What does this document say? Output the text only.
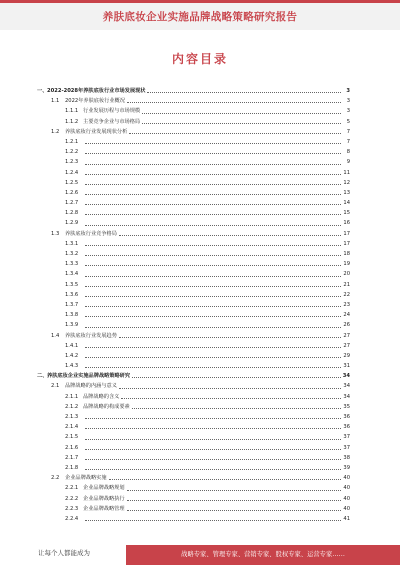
养肤底妆企业实施品牌战略策略研究报告
内容目录
一、 2022-2028年养肤底妆行业市场发展现状	3
1.1 2022年养肤底妆行业概况	3
1.1.1 行业发展历程与市场规模	3
1.1.2 主要竞争企业与市场格局	5
1.2 养肤底妆行业发展现状分析	7
1.2.1	7
1.2.2	8
1.2.3	9
1.2.4	11
1.2.5	12
1.2.6	13
1.2.7	14
1.2.8	15
1.2.9	16
1.3 养肤底妆行业竞争格局	17
1.3.1	17
1.3.2	18
1.3.3	19
1.3.4	20
1.3.5	21
1.3.6	22
1.3.7	23
1.3.8	24
1.3.9	26
1.4 养肤底妆行业发展趋势	27
1.4.1	27
1.4.2	29
1.4.3	31
二、 养肤底妆企业实施品牌战略策略研究	34
2.1 品牌战略的内涵与意义	34
2.1.1 品牌战略的含义	34
2.1.2 品牌战略的构成要素	35
2.1.3	36
2.1.4	36
2.1.5	37
2.1.6	37
2.1.7	38
2.1.8	39
2.2 企业品牌战略实施	40
2.2.1 企业品牌战略规划	40
2.2.2 企业品牌战略执行	40
2.2.3 企业品牌战略管理	40
2.2.4	41
让每个人都能成为	战略专家、管理专家、营销专家、股权专家、运营专家……
